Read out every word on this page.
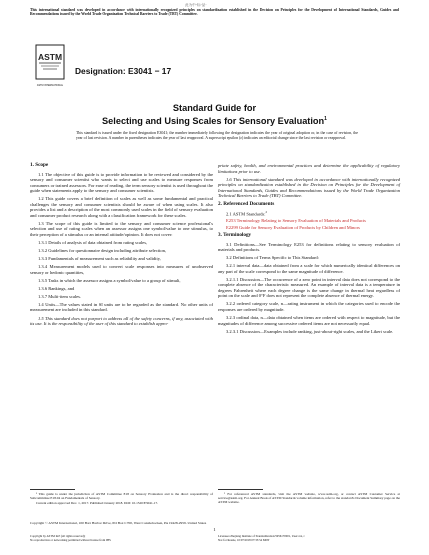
此为中-标-品-
This international standard was developed in accordance with internationally recognized principles on standardization established in the Decision on Principles for the Development of International Standards, Guides and Recommendations issued by the World Trade Organization Technical Barriers to Trade (TBT) Committee.
ASTM
ASTM INTERNATIONAL
Designation: E3041 − 17
Standard Guide for
Selecting and Using Scales for Sensory Evaluation$^1$
This standard is issued under the fixed designation E3041; the number immediately following the designation indicates the year of original adoption or, in the case of revision, the year of last revision. A number in parentheses indicates the year of last reapproval. A superscript epsilon (ε) indicates an editorial change since the last revision or reapproval.
1. Scope

1.1 The objective of this guide is to provide information to be reviewed and considered by the sensory and consumer scientist who wants to select and use scales to measure responses from consumers or trained assessors. For ease of reading, the term sensory scientist is used throughout the guide when statements apply to the sensory and consumer scientists.

1.2 This guide covers a brief definition of scales as well as some fundamental and practical challenges the sensory and consumer scientists should be aware of when using scales. It also provides a list and a description of the most commonly used scales in the field of sensory evaluation and consumer product research along with a classification framework for these scales.

1.3 The scope of this guide is limited to the sensory and consumer science professional's selection and use of rating scales when an assessor assigns one symbol/value to one stimulus, to their perception of a stimulus or an internal attitude/opinion. It does not cover:

1.3.1 Details of analysis of data obtained from rating scales,

1.3.2 Guidelines for questionnaire design including attribute selection,

1.3.3 Fundamentals of measurement such as reliability and validity,

1.3.4 Measurement models used to convert scale responses into measures of unobserved sensory or hedonic quantities,

1.3.5 Tasks in which the assessor assigns a symbol/value to a group of stimuli,

1.3.6 Rankings, and

1.3.7 Multi-item scales.

1.4 Units—The values stated in SI units are to be regarded as the standard. No other units of measurement are included in this standard.

1.5 This standard does not purport to address all of the safety concerns, if any, associated with its use. It is the responsibility of the user of this standard to establish appro-

priate safety, health, and environmental practices and determine the applicability of regulatory limitations prior to use.

1.6 This international standard was developed in accordance with internationally recognized principles on standardization established in the Decision on Principles for the Development of International Standards, Guides and Recommendations issued by the World Trade Organization Technical Barriers to Trade (TBT) Committee.

2. Referenced Documents

2.1 ASTM Standards:$^2$

E253 Terminology Relating to Sensory Evaluation of Materials and Products

E2299 Guide for Sensory Evaluation of Products by Children and Minors

3. Terminology

3.1 Definitions—See Terminology E253 for definitions relating to sensory evaluation of materials and products.

3.2 Definitions of Terms Specific to This Standard:

3.2.1 interval data—data obtained from a scale for which numerically identical differences on any part of the scale correspond to the same magnitude of difference.

3.2.1.1 Discussion—The occurrence of a zero point in interval data does not correspond to the complete absence of the characteristic measured. An example of interval data is a temperature in degrees Fahrenheit where each degree change is the same change in thermal heat regardless of point on the scale and 0°F does not represent the complete absence of thermal energy.

3.2.2 ordered category scale, n—rating instrument in which the categories used to encode the responses are ordered by magnitude.

3.2.3 ordinal data, n—data obtained when items are ordered with respect to magnitude, but the magnitudes of difference among successive ordered items are not necessarily equal.

3.2.3.1 Discussion—Examples include ranking, just-about-right scales, and the Likert scale.

¹ This guide is under the jurisdiction of ASTM Committee E18 on Sensory Evaluation and is the direct responsibility of Subcommittee E18.04 on Fundamentals of Sensory.
Current edition approved Dec. 1, 2017. Published January 2018. DOI: 10.1520/E3041-17.
² For referenced ASTM standards, visit the ASTM website, www.astm.org, or contact ASTM Customer Service at service@astm.org. For Annual Book of ASTM Standards volume information, refer to the standard's Document Summary page on the ASTM website.
Copyright © ASTM International, 100 Barr Harbor Drive, PO Box C700, West Conshohocken, PA 19428-2959. United States
1
Copyright by ASTM Int'l (all rights reserved);
No reproduction or networking permitted without license from IHS
Licensee=Zhejiang Institute of Standardization/5956170001, User=xx, r
Not for Resale, 10/07/2018 07:35:54 MDT
